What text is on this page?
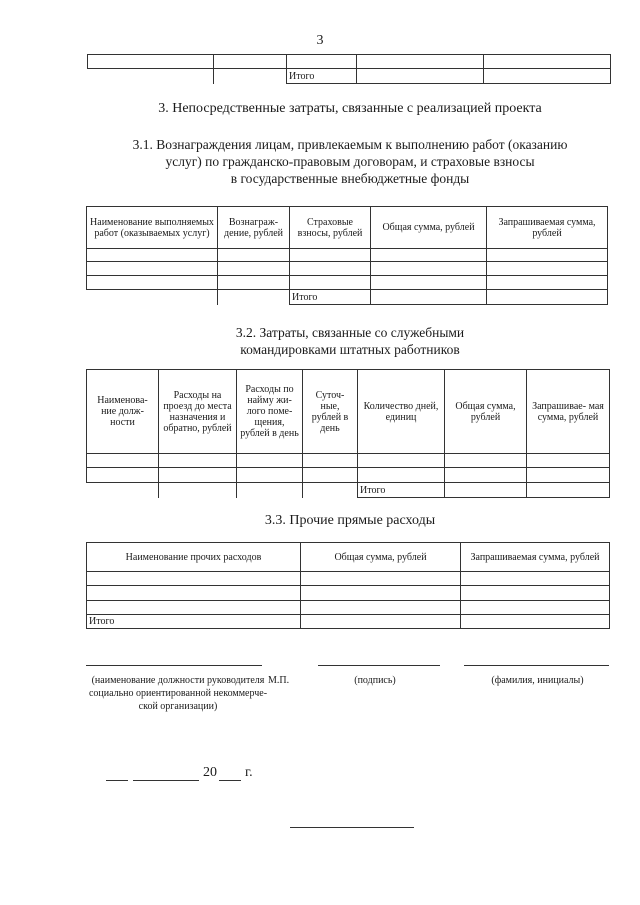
3

		Итого		
3. Непосредственные затраты, связанные с реализацией проекта
3.1. Вознаграждения лицам, привлекаемым к выполнению работ (оказанию
услуг) по гражданско-правовым договорам, и страховые взносы
в государственные внебюджетные фонды
Наименование выполняемых работ (оказываемых услуг)	Вознаграж- дение, рублей	Страховые взносы, рублей	Общая сумма, рублей	Запрашиваемая сумма, рублей

		Итого		
3.2. Затраты, связанные со служебными
командировками штатных работников
Наименова- ние долж- ности	Расходы на проезд до места назначения и обратно, рублей	Расходы по найму жи- лого поме- щения, рублей в день	Суточ- ные, рублей в день	Количество дней, единиц	Общая сумма, рублей	Запрашивае- мая сумма, рублей

				Итого		
3.3. Прочие прямые расходы
Наименование прочих расходов	Общая сумма, рублей	Запрашиваемая сумма, рублей

Итого		
(наименование должности руководителя социально ориентированной некоммерче- ской организации)
М.П.	(подпись)	(фамилия, инициалы)
20 г.
